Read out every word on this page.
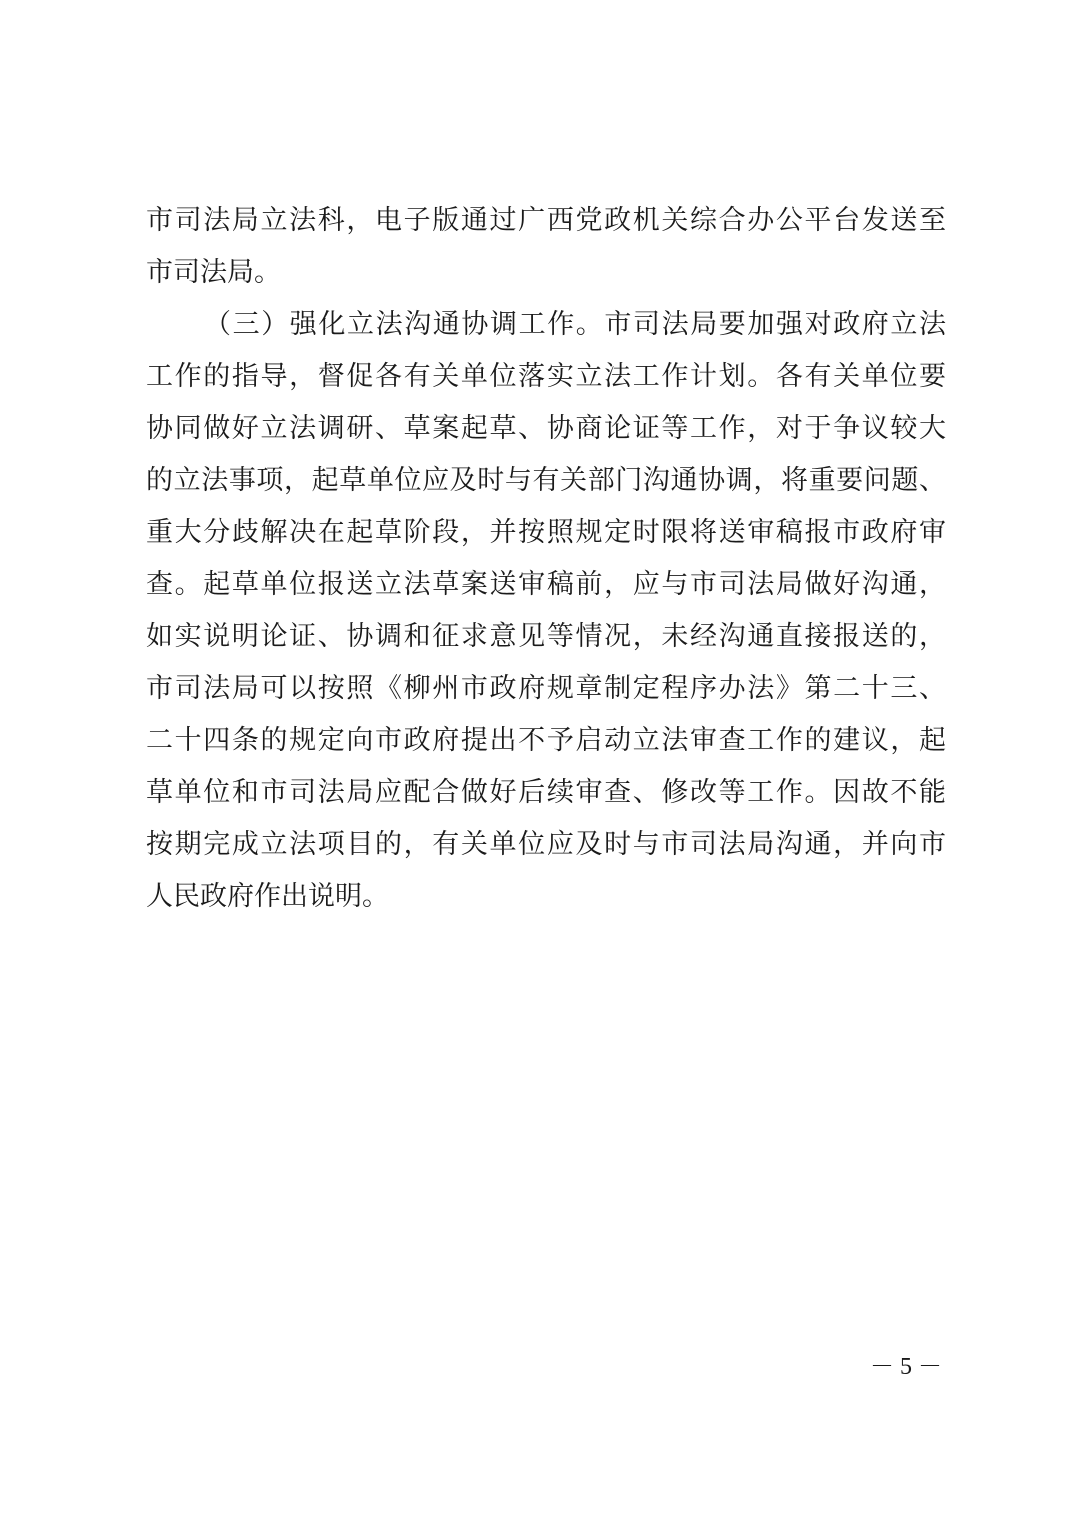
市司法局立法科，电子版通过广西党政机关综合办公平台发送至
市司法局。
（三）强化立法沟通协调工作。市司法局要加强对政府立法
工作的指导，督促各有关单位落实立法工作计划。各有关单位要
协同做好立法调研、草案起草、协商论证等工作，对于争议较大
的立法事项，起草单位应及时与有关部门沟通协调，将重要问题、
重大分歧解决在起草阶段，并按照规定时限将送审稿报市政府审
查。起草单位报送立法草案送审稿前，应与市司法局做好沟通，
如实说明论证、协调和征求意见等情况，未经沟通直接报送的，
市司法局可以按照《柳州市政府规章制定程序办法》第二十三、
二十四条的规定向市政府提出不予启动立法审查工作的建议，起
草单位和市司法局应配合做好后续审查、修改等工作。因故不能
按期完成立法项目的，有关单位应及时与市司法局沟通，并向市
人民政府作出说明。
－ 5 －
